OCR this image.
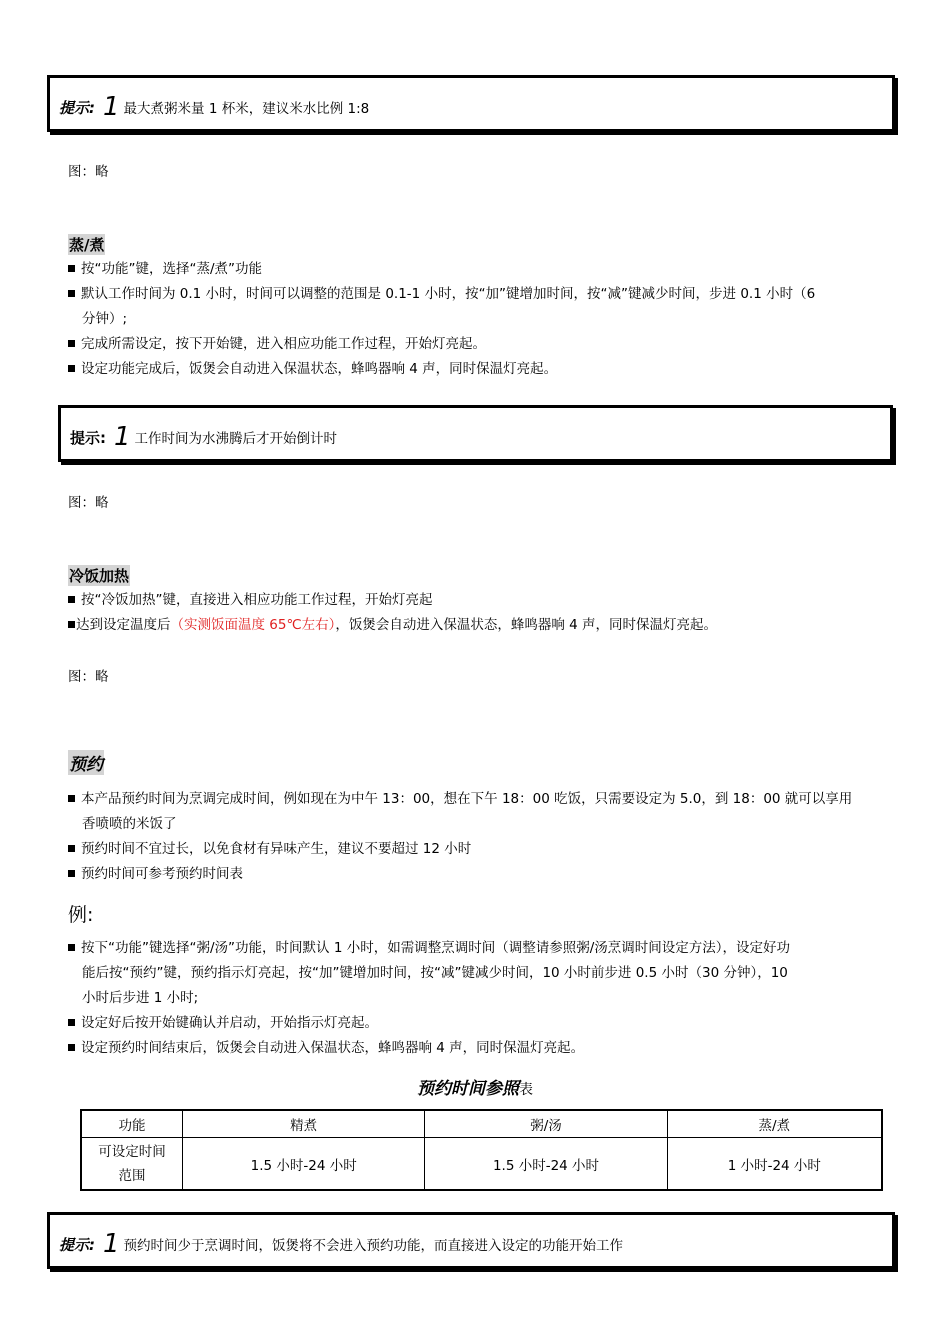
提示: 1 最大煮粥米量 1 杯米，建议米水比例 1:8
图：略
蒸/煮
按“功能”键，选择“蒸/煮”功能
默认工作时间为 0.1 小时，时间可以调整的范围是 0.1-1 小时，按“加”键增加时间，按“减”键减少时间，步进 0.1 小时（6
分钟）;
完成所需设定，按下开始键，进入相应功能工作过程，开始灯亮起。
设定功能完成后，饭煲会自动进入保温状态，蜂鸣器响 4 声，同时保温灯亮起。
提示: 1 工作时间为水沸腾后才开始倒计时
图：略
冷饭加热
按“冷饭加热”键，直接进入相应功能工作过程，开始灯亮起
达到设定温度后（实测饭面温度 65℃左右），饭煲会自动进入保温状态，蜂鸣器响 4 声，同时保温灯亮起。
图：略
预约
本产品预约时间为烹调完成时间，例如现在为中午 13：00，想在下午 18：00 吃饭，只需要设定为 5.0，到 18：00 就可以享用
香喷喷的米饭了
预约时间不宜过长，以免食材有异味产生，建议不要超过 12 小时
预约时间可参考预约时间表
例:
按下“功能”键选择“粥/汤”功能，时间默认 1 小时，如需调整烹调时间（调整请参照粥/汤烹调时间设定方法），设定好功
能后按“预约”键，预约指示灯亮起，按“加”键增加时间，按“减”键减少时间，10 小时前步进 0.5 小时（30 分钟），10
小时后步进 1 小时;
设定好后按开始键确认并启动，开始指示灯亮起。
设定预约时间结束后，饭煲会自动进入保温状态，蜂鸣器响 4 声，同时保温灯亮起。
预约时间参照表
功能	精煮	粥/汤	蒸/煮
可设定时间
范围	1.5 小时-24 小时	1.5 小时-24 小时	1 小时-24 小时
提示: 1 预约时间少于烹调时间，饭煲将不会进入预约功能，而直接进入设定的功能开始工作
